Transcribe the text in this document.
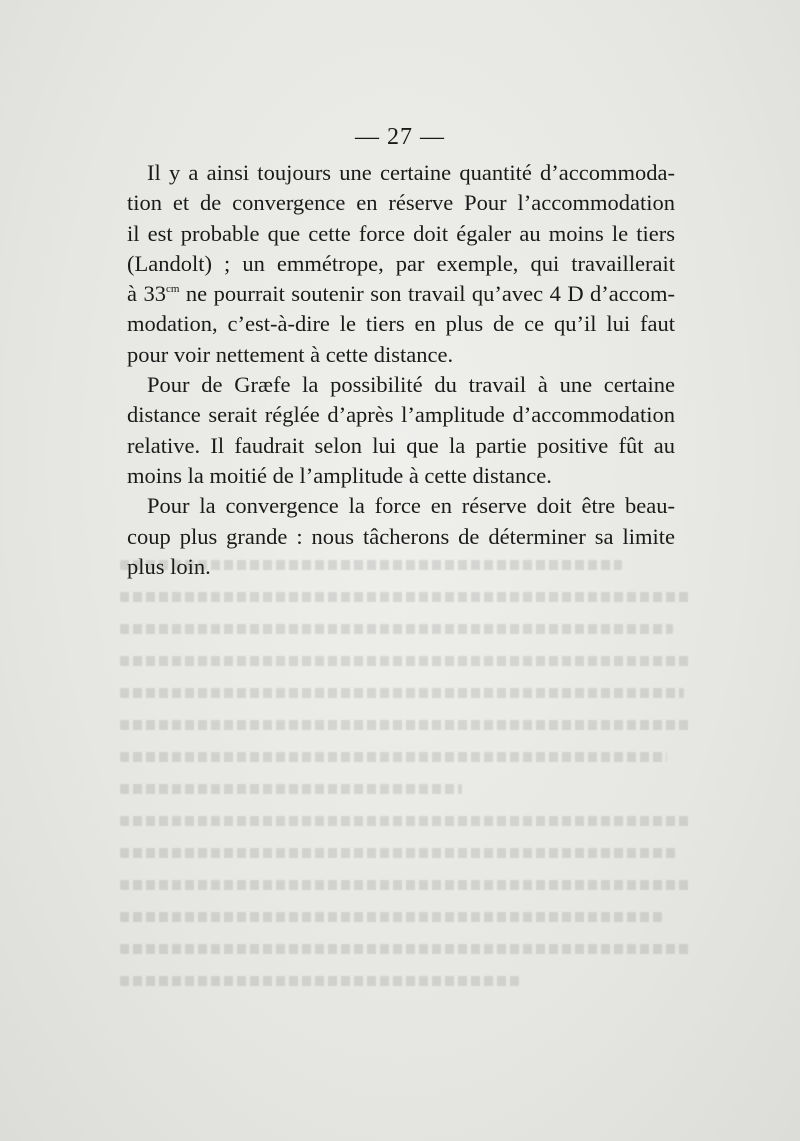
— 27 —

Il y a ainsi toujours une certaine quantité d’accommoda-
tion et de convergence en réserve Pour l’accommodation
il est probable que cette force doit égaler au moins le tiers
(Landolt) ; un emmétrope, par exemple, qui travaillerait
à $33^{cm}$ ne pourrait soutenir son travail qu’avec 4 D d’accom-
modation, c’est-à-dire le tiers en plus de ce qu’il lui faut
pour voir nettement à cette distance.

Pour de Græfe la possibilité du travail à une certaine
distance serait réglée d’après l’amplitude d’accommodation
relative. Il faudrait selon lui que la partie positive fût au
moins la moitié de l’amplitude à cette distance.

Pour la convergence la force en réserve doit être beau-
coup plus grande : nous tâcherons de déterminer sa limite
plus loin.
